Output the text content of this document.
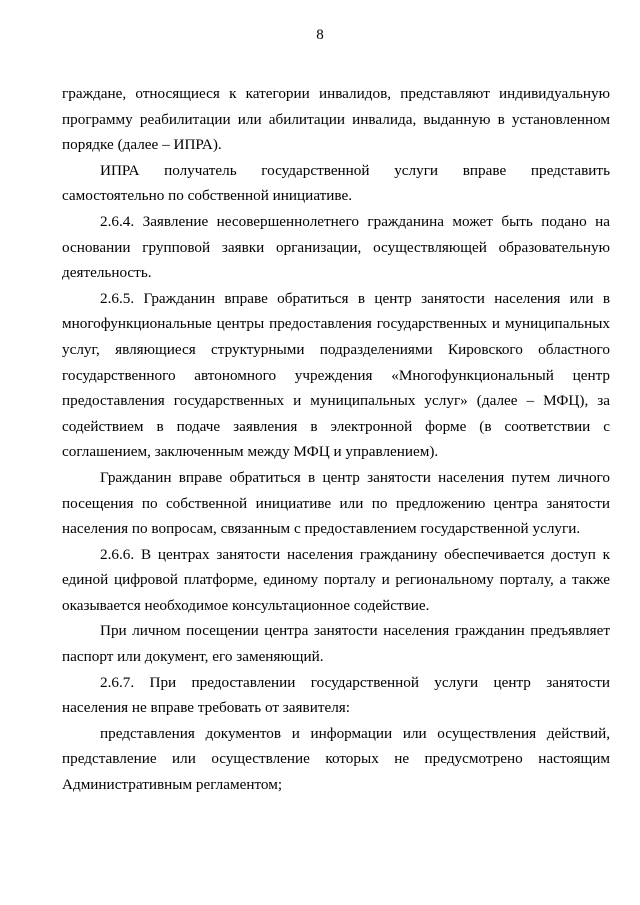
8

граждане, относящиеся к категории инвалидов, представляют индивидуальную программу реабилитации или абилитации инвалида, выданную в установленном порядке (далее – ИПРА).

ИПРА получатель государственной услуги вправе представить самостоятельно по собственной инициативе.

2.6.4. Заявление несовершеннолетнего гражданина может быть подано на основании групповой заявки организации, осуществляющей образовательную деятельность.

2.6.5. Гражданин вправе обратиться в центр занятости населения или в многофункциональные центры предоставления государственных и муниципальных услуг, являющиеся структурными подразделениями Кировского областного государственного автономного учреждения «Многофункциональный центр предоставления государственных и муниципальных услуг» (далее – МФЦ), за содействием в подаче заявления в электронной форме (в соответствии с соглашением, заключенным между МФЦ и управлением).

Гражданин вправе обратиться в центр занятости населения путем личного посещения по собственной инициативе или по предложению центра занятости населения по вопросам, связанным с предоставлением государственной услуги.

2.6.6. В центрах занятости населения гражданину обеспечивается доступ к единой цифровой платформе, единому порталу и региональному порталу, а также оказывается необходимое консультационное содействие.

При личном посещении центра занятости населения гражданин предъявляет паспорт или документ, его заменяющий.

2.6.7. При предоставлении государственной услуги центр занятости населения не вправе требовать от заявителя:

представления документов и информации или осуществления действий, представление или осуществление которых не предусмотрено настоящим Административным регламентом;
